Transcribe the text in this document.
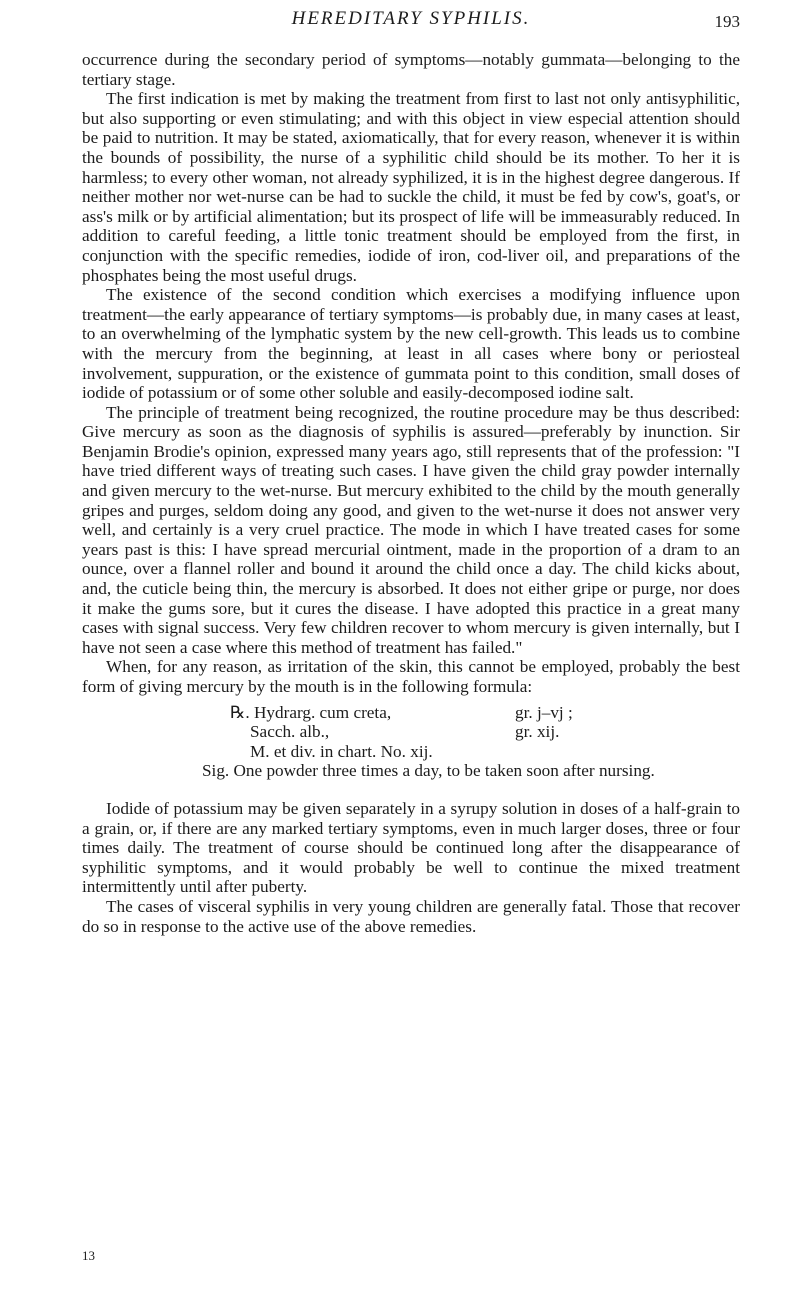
HEREDITARY SYPHILIS.	193

occurrence during the secondary period of symptoms—notably gummata—belonging to the tertiary stage.

The first indication is met by making the treatment from first to last not only antisyphilitic, but also supporting or even stimulating; and with this object in view especial attention should be paid to nutrition. It may be stated, axiomatically, that for every reason, whenever it is within the bounds of possibility, the nurse of a syphilitic child should be its mother. To her it is harmless; to every other woman, not already syphilized, it is in the highest degree dangerous. If neither mother nor wet-nurse can be had to suckle the child, it must be fed by cow's, goat's, or ass's milk or by artificial alimentation; but its prospect of life will be immeasurably reduced. In addition to careful feeding, a little tonic treatment should be employed from the first, in conjunction with the specific remedies, iodide of iron, cod-liver oil, and preparations of the phosphates being the most useful drugs.

The existence of the second condition which exercises a modifying influence upon treatment—the early appearance of tertiary symptoms—is probably due, in many cases at least, to an overwhelming of the lymphatic system by the new cell-growth. This leads us to combine with the mercury from the beginning, at least in all cases where bony or periosteal involvement, suppuration, or the existence of gummata point to this condition, small doses of iodide of potassium or of some other soluble and easily-decomposed iodine salt.

The principle of treatment being recognized, the routine procedure may be thus described: Give mercury as soon as the diagnosis of syphilis is assured—preferably by inunction. Sir Benjamin Brodie's opinion, expressed many years ago, still represents that of the profession: "I have tried different ways of treating such cases. I have given the child gray powder internally and given mercury to the wet-nurse. But mercury exhibited to the child by the mouth generally gripes and purges, seldom doing any good, and given to the wet-nurse it does not answer very well, and certainly is a very cruel practice. The mode in which I have treated cases for some years past is this: I have spread mercurial ointment, made in the proportion of a dram to an ounce, over a flannel roller and bound it around the child once a day. The child kicks about, and, the cuticle being thin, the mercury is absorbed. It does not either gripe or purge, nor does it make the gums sore, but it cures the disease. I have adopted this practice in a great many cases with signal success. Very few children recover to whom mercury is given internally, but I have not seen a case where this method of treatment has failed."

When, for any reason, as irritation of the skin, this cannot be employed, probably the best form of giving mercury by the mouth is in the following formula:

℞. Hydrarg. cum creta,	gr. j–vj ;
Sacch. alb.,	gr. xij.
M. et div. in chart. No. xij.
Sig. One powder three times a day, to be taken soon after nursing.

Iodide of potassium may be given separately in a syrupy solution in doses of a half-grain to a grain, or, if there are any marked tertiary symptoms, even in much larger doses, three or four times daily. The treatment of course should be continued long after the disappearance of syphilitic symptoms, and it would probably be well to continue the mixed treatment intermittently until after puberty.

The cases of visceral syphilis in very young children are generally fatal. Those that recover do so in response to the active use of the above remedies.

13
